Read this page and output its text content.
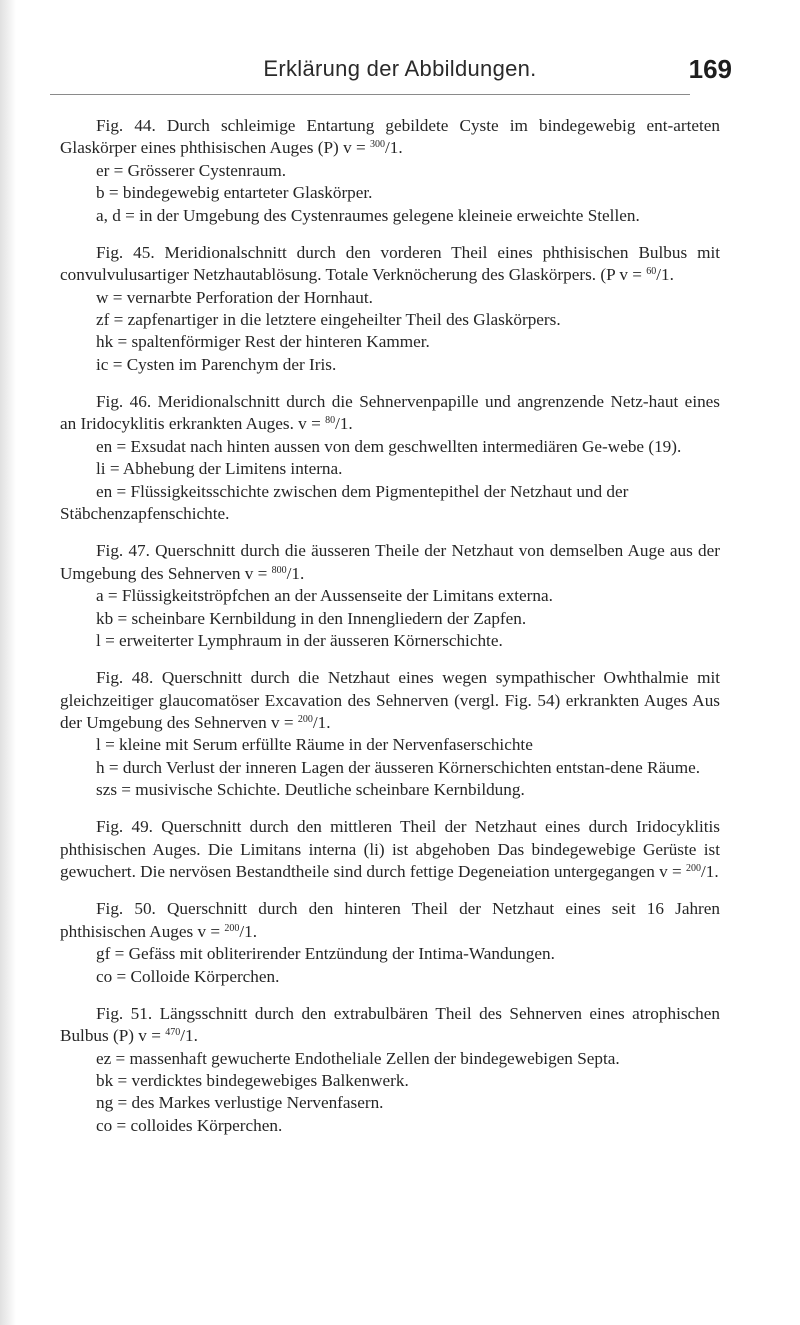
Erklärung der Abbildungen.	169

Fig. 44. Durch schleimige Entartung gebildete Cyste im bindegewebig ent-arteten Glaskörper eines phthisischen Auges (P) v = $^{300}$/1.

er = Grösserer Cystenraum.

b = bindegewebig entarteter Glaskörper.

a, d = in der Umgebung des Cystenraumes gelegene kleineie erweichte Stellen.

Fig. 45. Meridionalschnitt durch den vorderen Theil eines phthisischen Bulbus mit convulvulusartiger Netzhautablösung. Totale Verknöcherung des Glaskörpers. (P v = $^{60}$/1.

w = vernarbte Perforation der Hornhaut.

zf = zapfenartiger in die letztere eingeheilter Theil des Glaskörpers.

hk = spaltenförmiger Rest der hinteren Kammer.

ic = Cysten im Parenchym der Iris.

Fig. 46. Meridionalschnitt durch die Sehnervenpapille und angrenzende Netz-haut eines an Iridocyklitis erkrankten Auges. v = $^{80}$/1.

en = Exsudat nach hinten aussen von dem geschwellten intermediären Ge-webe (19).

li = Abhebung der Limitens interna.

en = Flüssigkeitsschichte zwischen dem Pigmentepithel der Netzhaut und der Stäbchenzapfenschichte.

Fig. 47. Querschnitt durch die äusseren Theile der Netzhaut von demselben Auge aus der Umgebung des Sehnerven v = $^{800}$/1.

a = Flüssigkeitströpfchen an der Aussenseite der Limitans externa.

kb = scheinbare Kernbildung in den Innengliedern der Zapfen.

l = erweiterter Lymphraum in der äusseren Körnerschichte.

Fig. 48. Querschnitt durch die Netzhaut eines wegen sympathischer Owhthalmie mit gleichzeitiger glaucomatöser Excavation des Sehnerven (vergl. Fig. 54) erkrankten Auges Aus der Umgebung des Sehnerven v = $^{200}$/1.

l = kleine mit Serum erfüllte Räume in der Nervenfaserschichte

h = durch Verlust der inneren Lagen der äusseren Körnerschichten entstan-dene Räume.

szs = musivische Schichte. Deutliche scheinbare Kernbildung.

Fig. 49. Querschnitt durch den mittleren Theil der Netzhaut eines durch Iridocyklitis phthisischen Auges. Die Limitans interna (li) ist abgehoben Das bindegewebige Gerüste ist gewuchert. Die nervösen Bestandtheile sind durch fettige Degeneiation untergegangen v = $^{200}$/1.

Fig. 50. Querschnitt durch den hinteren Theil der Netzhaut eines seit 16 Jahren phthisischen Auges v = $^{200}$/1.

gf = Gefäss mit obliterirender Entzündung der Intima-Wandungen.

co = Colloide Körperchen.

Fig. 51. Längsschnitt durch den extrabulbären Theil des Sehnerven eines atrophischen Bulbus (P) v = $^{470}$/1.

ez = massenhaft gewucherte Endotheliale Zellen der bindegewebigen Septa.

bk = verdicktes bindegewebiges Balkenwerk.

ng = des Markes verlustige Nervenfasern.

co = colloides Körperchen.
